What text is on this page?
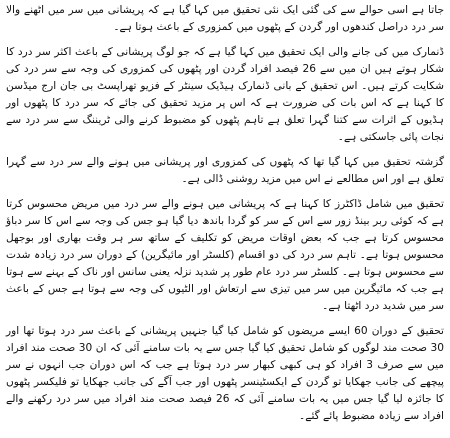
جاتا ہے اسی حوالے سے کی گئی ایک نئی تحقیق میں کہا گیا ہے کہ پریشانی میں سر میں اٹھنے والا سر درد دراصل کندھوں اور گردن کے پٹھوں میں کمزوری کے باعث ہوتا ہے۔

ڈنمارک میں کی جانے والی ایک تحقیق میں کہا گیا ہے کہ جو لوگ پریشانی کے باعث اکثر سر درد کا شکار ہوتے ہیں ان میں سے 26 فیصد افراد گردن اور پٹھوں کی کمزوری کی وجہ سے سر درد کی شکایت کرتے ہیں۔ اس تحقیق کے بانی ڈنمارک ہیڈیک سینٹر کے فزیو تھراپسٹ بی جان ارج میڈسن کا کہنا ہے کہ اس بات کی ضرورت ہے کہ اس پر مزید تحقیق کی جائے کہ سر درد کا پٹھوں اور ہڈیوں کے اثرات سے کتنا گہرا تعلق ہے تاہم پٹھوں کو مضبوط کرنے والی ٹریننگ سے سر درد سے نجات پائی جاسکتی ہے۔

گزشتہ تحقیق میں کہا گیا تھا کہ پٹھوں کی کمزوری اور پریشانی میں ہونے والے سر درد سے گہرا تعلق ہے اور اس مطالعے نے اس میں مزید روشنی ڈالی ہے۔

تحقیق میں شامل ڈاکٹرز کا کہنا ہے کہ پریشانی میں ہونے والے سر درد میں مریض محسوس کرتا ہے کہ کوئی ربر بینڈ زور سے اس کے سر کو گردا باندھ دیا گیا ہو جس کی وجہ سے اس کا سر دباؤ محسوس کرتا ہے جب کہ بعض اوقات مریض کو تکلیف کے ساتھ سر ہر وقت بھاری اور بوجھل محسوس ہوتا ہے۔ تاہم سر درد کی دو اقسام (کلسٹر اور مائیگرین) کے دوران سر درد زیادہ شدت سے محسوس ہوتا ہے۔ کلسٹر سر درد عام طور پر شدید نزلہ یعنی سانس اور ناک کے بہنے سے ہوتا ہے جب کہ مائیگرین میں سر میں تیزی سے ارتعاش اور الٹیوں کی وجہ سے ہوتا ہے جس کے باعث سر میں شدید درد اٹھتا ہے۔

تحقیق کے دوران 60 ایسے مریضوں کو شامل کیا گیا جنہیں پریشانی کے باعث سر درد ہوتا تھا اور 30 صحت مند لوگوں کو شامل تحقیق کیا گیا جس سے یہ بات سامنے آئی کہ ان 30 صحت مند افراد میں سے صرف 3 افراد کو ہی کبھی کبھار سر درد ہوتا ہے جب کہ اس دوران جب انہوں نے سر پیچھے کی جانب جھکایا تو گردن کے ایکسٹینسر پٹھوں اور جب آگے کی جانب جھکایا تو فلیکسر پٹھوں کا جائزہ لیا گیا جس میں یہ بات سامنے آئی کہ 26 فیصد صحت مند افراد میں سر درد رکھنے والے افراد سے زیادہ مضبوط پائے گئے۔
